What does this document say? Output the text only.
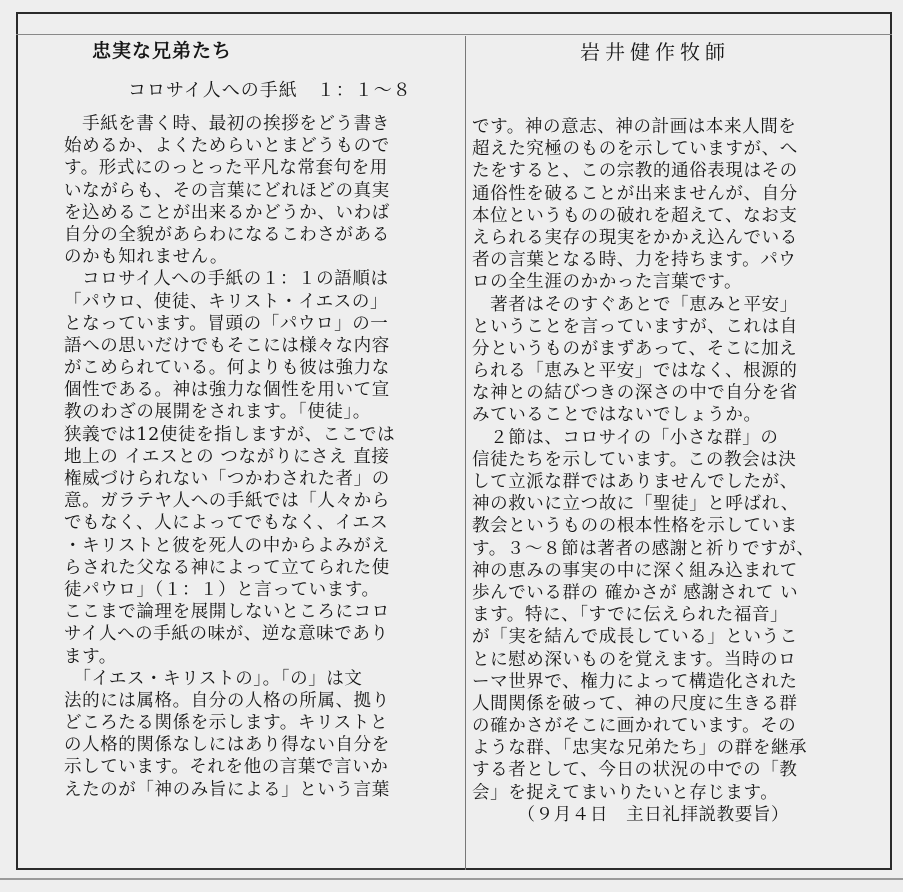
忠実な兄弟たち	岩井健作牧師
コロサイ人への手紙　１：１〜８
　手紙を書く時、最初の挨拶をどう書き
始めるか、よくためらいとまどうもので
す。形式にのっとった平凡な常套句を用
いながらも、その言葉にどれほどの真実
を込めることが出来るかどうか、いわば
自分の全貌があらわになるこわさがある
のかも知れません。
　コロサイ人への手紙の１：１の語順は
「パウロ、使徒、キリスト・イエスの」
となっています。冒頭の「パウロ」の一
語への思いだけでもそこには様々な内容
がこめられている。何よりも彼は強力な
個性である。神は強力な個性を用いて宣
教のわざの展開をされます。「使徒」。
狭義では12使徒を指しますが、ここでは
地上の イエスとの つながりにさえ 直接
権威づけられない「つかわされた者」の
意。ガラテヤ人への手紙では「人々から
でもなく、人によってでもなく、イエス
・キリストと彼を死人の中からよみがえ
らされた父なる神によって立てられた使
徒パウロ」（１：１）と言っています。
ここまで論理を展開しないところにコロ
サイ人への手紙の味が、逆な意味であり
ます。
　「イエス・キリストの」。「の」は文
法的には属格。自分の人格の所属、拠り
どころたる関係を示します。キリストと
の人格的関係なしにはあり得ない自分を
示しています。それを他の言葉で言いか
えたのが「神のみ旨による」という言葉
です。神の意志、神の計画は本来人間を
超えた究極のものを示していますが、へ
たをすると、この宗教的通俗表現はその
通俗性を破ることが出来ませんが、自分
本位というものの破れを超えて、なお支
えられる実存の現実をかかえ込んでいる
者の言葉となる時、力を持ちます。パウ
ロの全生涯のかかった言葉です。
　著者はそのすぐあとで「恵みと平安」
ということを言っていますが、これは自
分というものがまずあって、そこに加え
られる「恵みと平安」ではなく、根源的
な神との結びつきの深さの中で自分を省
みていることではないでしょうか。
　２節は、コロサイの「小さな群」の
信徒たちを示しています。この教会は決
して立派な群ではありませんでしたが、
神の救いに立つ故に「聖徒」と呼ばれ、
教会というものの根本性格を示していま
す。３〜８節は著者の感謝と祈りですが、
神の恵みの事実の中に深く組み込まれて
歩んでいる群の 確かさが 感謝されて い
ます。特に、「すでに伝えられた福音」
が「実を結んで成長している」というこ
とに慰め深いものを覚えます。当時のロ
ーマ世界で、権力によって構造化された
人間関係を破って、神の尺度に生きる群
の確かさがそこに画かれています。その
ような群、「忠実な兄弟たち」の群を継承
する者として、今日の状況の中での「教
会」を捉えてまいりたいと存じます。
　　　（９月４日　主日礼拝説教要旨）
